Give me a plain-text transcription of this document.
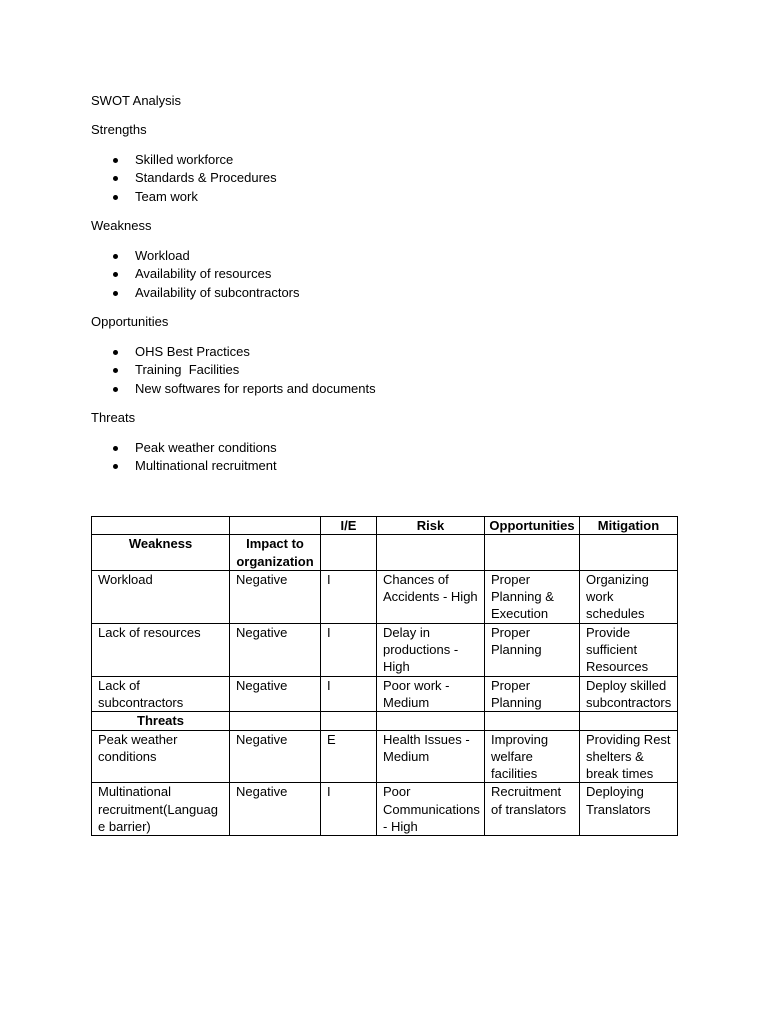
SWOT Analysis

Strengths

Skilled workforce
Standards & Procedures
Team work

Weakness

Workload
Availability of resources
Availability of subcontractors

Opportunities

OHS Best Practices
Training  Facilities
New softwares for reports and documents

Threats

Peak weather conditions
Multinational recruitment

		I/E	Risk	Opportunities	Mitigation

Weakness	Impact to
organization				

Workload	Negative	I	Chances of
Accidents - High	Proper
Planning &
Execution	Organizing
work
schedules

Lack of resources	Negative	I	Delay in
productions -
High	Proper
Planning	Provide
sufficient
Resources

Lack of
subcontractors	Negative	I	Poor work -
Medium	Proper
Planning	Deploy skilled
subcontractors

Threats					

Peak weather
conditions	Negative	E	Health Issues -
Medium	Improving
welfare
facilities	Providing Rest
shelters &
break times

Multinational
recruitment(Languag
e barrier)	Negative	I	Poor
Communications
- High	Recruitment
of translators	Deploying
Translators
